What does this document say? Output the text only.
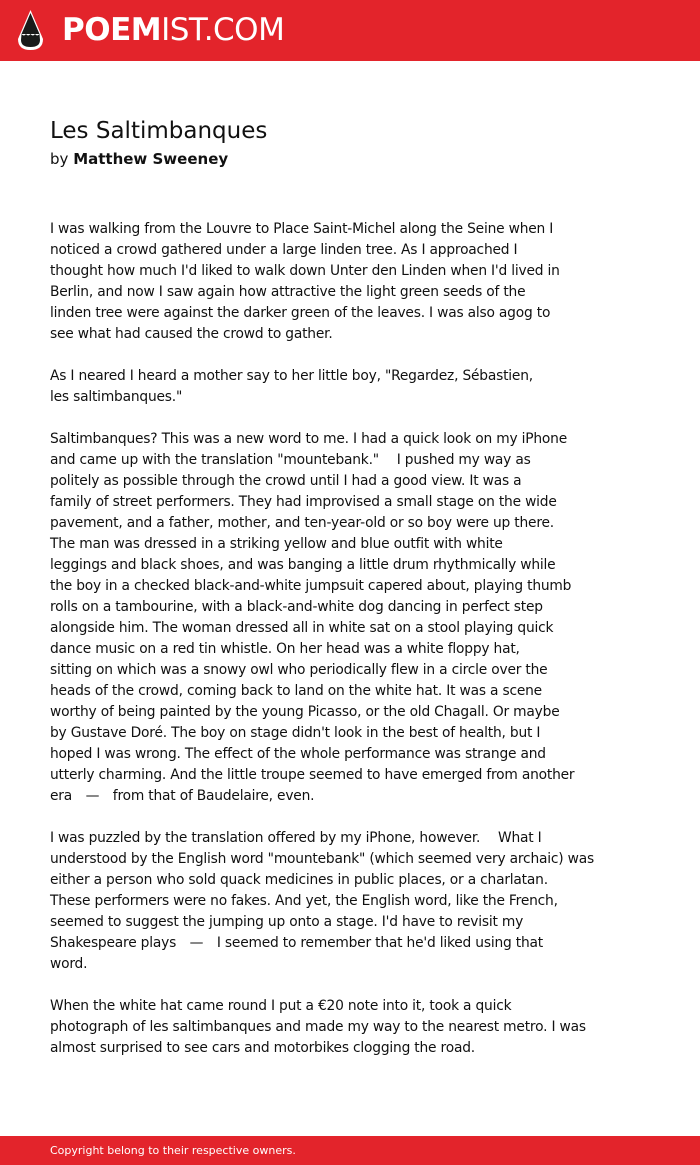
POEMIST.COM
Les Saltimbanques
by Matthew Sweeney
I was walking from the Louvre to Place Saint-Michel along the Seine when I
noticed a crowd gathered under a large linden tree. As I approached I
thought how much I'd liked to walk down Unter den Linden when I'd lived in
Berlin, and now I saw again how attractive the light green seeds of the
linden tree were against the darker green of the leaves. I was also agog to
see what had caused the crowd to gather.
As I neared I heard a mother say to her little boy, "Regardez, Sébastien,
les saltimbanques."
Saltimbanques? This was a new word to me. I had a quick look on my iPhone
and came up with the translation "mountebank."  I pushed my way as
politely as possible through the crowd until I had a good view. It was a
family of street performers. They had improvised a small stage on the wide
pavement, and a father, mother, and ten-year-old or so boy were up there.
The man was dressed in a striking yellow and blue outfit with white
leggings and black shoes, and was banging a little drum rhythmically while
the boy in a checked black-and-white jumpsuit capered about, playing thumb
rolls on a tambourine, with a black-and-white dog dancing in perfect step
alongside him. The woman dressed all in white sat on a stool playing quick
dance music on a red tin whistle. On her head was a white floppy hat,
sitting on which was a snowy owl who periodically flew in a circle over the
heads of the crowd, coming back to land on the white hat. It was a scene
worthy of being painted by the young Picasso, or the old Chagall. Or maybe
by Gustave Doré. The boy on stage didn't look in the best of health, but I
hoped I was wrong. The effect of the whole performance was strange and
utterly charming. And the little troupe seemed to have emerged from another
era — from that of Baudelaire, even.
I was puzzled by the translation offered by my iPhone, however.  What I
understood by the English word "mountebank" (which seemed very archaic) was
either a person who sold quack medicines in public places, or a charlatan.
These performers were no fakes. And yet, the English word, like the French,
seemed to suggest the jumping up onto a stage. I'd have to revisit my
Shakespeare plays — I seemed to remember that he'd liked using that
word.
When the white hat came round I put a €20 note into it, took a quick
photograph of les saltimbanques and made my way to the nearest metro. I was
almost surprised to see cars and motorbikes clogging the road.
Copyright belong to their respective owners.
